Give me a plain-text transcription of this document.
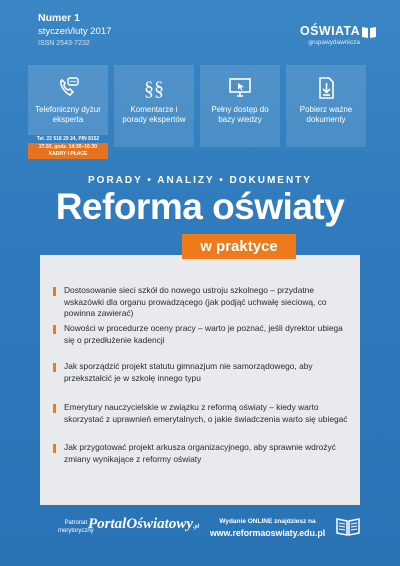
Numer 1
styczeń/luty 2017
ISSN 2543-7232
OŚWIATA
grupawydawnicza
Telefoniczny dyżur eksperta
Tel. 22 518 29 24, PIN 8152
27.02, godz. 14:30–16:30
KADRY I PŁACE
§§
Komentarze i porady ekspertów
Pełny dostęp do bazy wiedzy
Pobierz ważne dokumenty
PORADY • ANALIZY • DOKUMENTY
Reforma oświaty
Dostosowanie sieci szkół do nowego ustroju szkolnego – przydatne wskazówki dla organu prowadzącego (jak podjąć uchwałę sieciową, co powinna zawierać)
Nowości w procedurze oceny pracy – warto je poznać, jeśli dyrektor ubiega się o przedłużenie kadencji
Jak sporządzić projekt statutu gimnazjum nie samorządowego, aby przekształcić je w szkołę innego typu
Emerytury nauczycielskie w związku z reformą oświaty – kiedy warto skorzystać z uprawnień emerytalnych, o jakie świadczenia warto się ubiegać
Jak przygotować projekt arkusza organizacyjnego, aby sprawnie wdrożyć zmiany wynikające z reformy oświaty
w praktyce
Patronat
merytoryczny
PortalOświatowy.pl
Wydanie ONLINE znajdziesz na
www.reformaoswiaty.edu.pl
